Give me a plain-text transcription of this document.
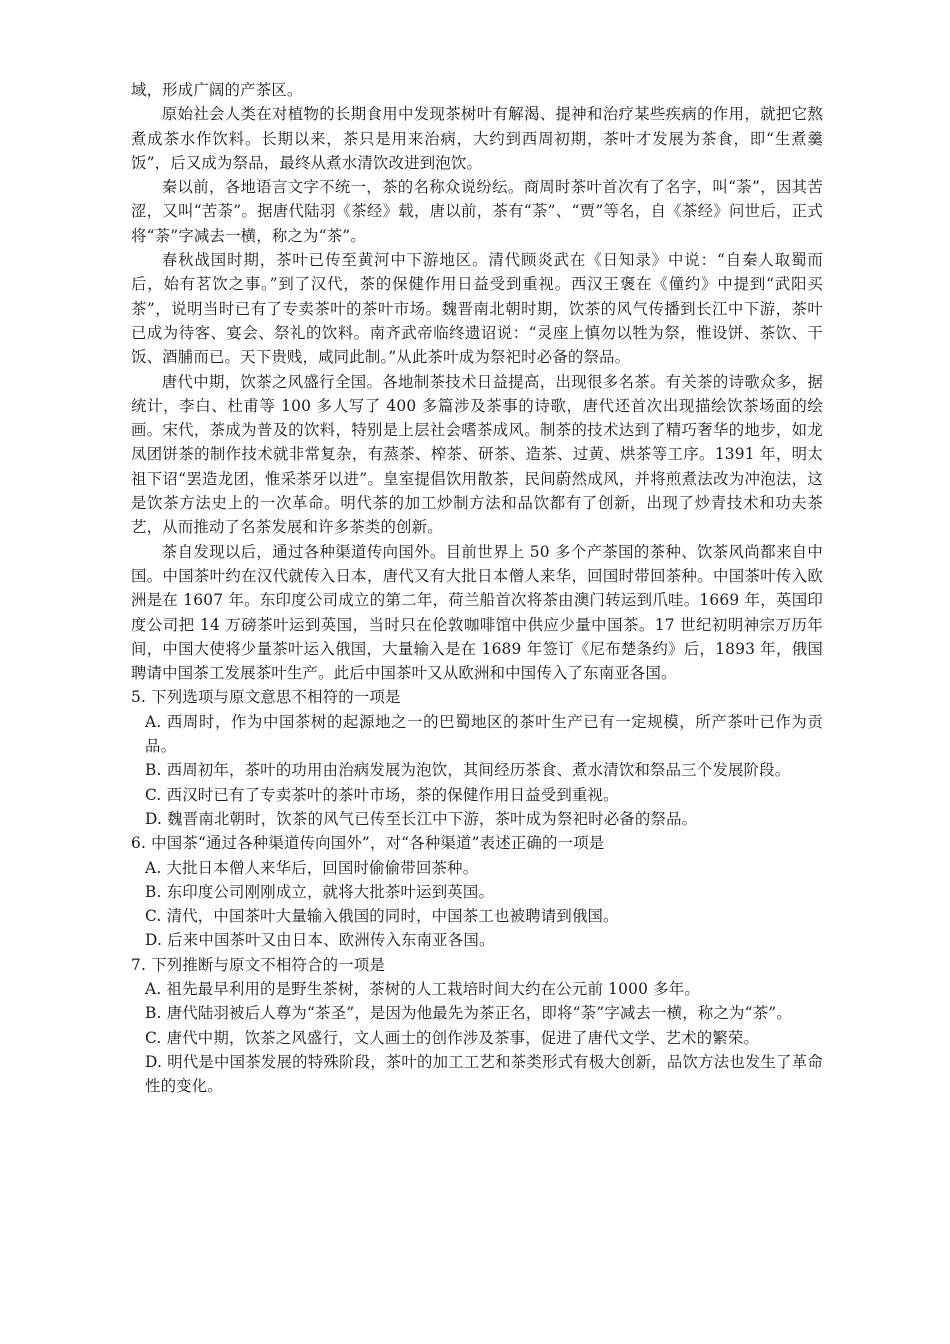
域，形成广阔的产茶区。

原始社会人类在对植物的长期食用中发现茶树叶有解渴、提神和治疗某些疾病的作用，就把它熬煮成茶水作饮料。长期以来，茶只是用来治病，大约到西周初期，茶叶才发展为茶食，即“生煮羹饭”，后又成为祭品，最终从煮水清饮改进到泡饮。

秦以前，各地语言文字不统一，茶的名称众说纷纭。商周时茶叶首次有了名字，叫“荼”，因其苦涩，又叫“苦荼”。据唐代陆羽《茶经》载，唐以前，茶有“荼”、“贾”等名，自《茶经》问世后，正式将“荼”字减去一横，称之为“茶”。

春秋战国时期，茶叶已传至黄河中下游地区。清代顾炎武在《日知录》中说：“自秦人取蜀而后，始有茗饮之事。”到了汉代，茶的保健作用日益受到重视。西汉王褒在《僮约》中提到“武阳买茶”，说明当时已有了专卖茶叶的茶叶市场。魏晋南北朝时期，饮茶的风气传播到长江中下游，茶叶已成为待客、宴会、祭礼的饮料。南齐武帝临终遗诏说：“灵座上慎勿以牲为祭，惟设饼、茶饮、干饭、酒脯而已。天下贵贱，咸同此制。”从此茶叶成为祭祀时必备的祭品。

唐代中期，饮茶之风盛行全国。各地制茶技术日益提高，出现很多名茶。有关茶的诗歌众多，据统计，李白、杜甫等 100 多人写了 400 多篇涉及茶事的诗歌，唐代还首次出现描绘饮茶场面的绘画。宋代，茶成为普及的饮料，特别是上层社会嗜茶成风。制茶的技术达到了精巧奢华的地步，如龙凤团饼茶的制作技术就非常复杂，有蒸茶、榨茶、研茶、造茶、过黄、烘茶等工序。1391 年，明太祖下诏“罢造龙团，惟采茶牙以进”。皇室提倡饮用散茶，民间蔚然成风，并将煎煮法改为冲泡法，这是饮茶方法史上的一次革命。明代茶的加工炒制方法和品饮都有了创新，出现了炒青技术和功夫茶艺，从而推动了名茶发展和许多茶类的创新。

茶自发现以后，通过各种渠道传向国外。目前世界上 50 多个产茶国的茶种、饮茶风尚都来自中国。中国茶叶约在汉代就传入日本，唐代又有大批日本僧人来华，回国时带回茶种。中国茶叶传入欧洲是在 1607 年。东印度公司成立的第二年，荷兰船首次将茶由澳门转运到爪哇。1669 年，英国印度公司把 14 万磅茶叶运到英国，当时只在伦敦咖啡馆中供应少量中国茶。17 世纪初明神宗万历年间，中国大使将少量茶叶运入俄国，大量输入是在 1689 年签订《尼布楚条约》后，1893 年，俄国聘请中国茶工发展茶叶生产。此后中国茶叶又从欧洲和中国传入了东南亚各国。

5. 下列选项与原文意思不相符的一项是

A. 西周时，作为中国茶树的起源地之一的巴蜀地区的茶叶生产已有一定规模，所产茶叶已作为贡品。

B. 西周初年，茶叶的功用由治病发展为泡饮，其间经历茶食、煮水清饮和祭品三个发展阶段。

C. 西汉时已有了专卖茶叶的茶叶市场，茶的保健作用日益受到重视。

D. 魏晋南北朝时，饮茶的风气已传至长江中下游，茶叶成为祭祀时必备的祭品。

6. 中国茶“通过各种渠道传向国外”，对“各种渠道”表述正确的一项是

A. 大批日本僧人来华后，回国时偷偷带回茶种。

B. 东印度公司刚刚成立，就将大批茶叶运到英国。

C. 清代，中国茶叶大量输入俄国的同时，中国茶工也被聘请到俄国。

D. 后来中国茶叶又由日本、欧洲传入东南亚各国。

7. 下列推断与原文不相符合的一项是

A. 祖先最早利用的是野生茶树，茶树的人工栽培时间大约在公元前 1000 多年。

B. 唐代陆羽被后人尊为“茶圣”，是因为他最先为茶正名，即将“荼”字减去一横，称之为“茶”。

C. 唐代中期，饮茶之风盛行，文人画士的创作涉及茶事，促进了唐代文学、艺术的繁荣。

D. 明代是中国茶发展的特殊阶段，茶叶的加工工艺和茶类形式有极大创新，品饮方法也发生了革命性的变化。
